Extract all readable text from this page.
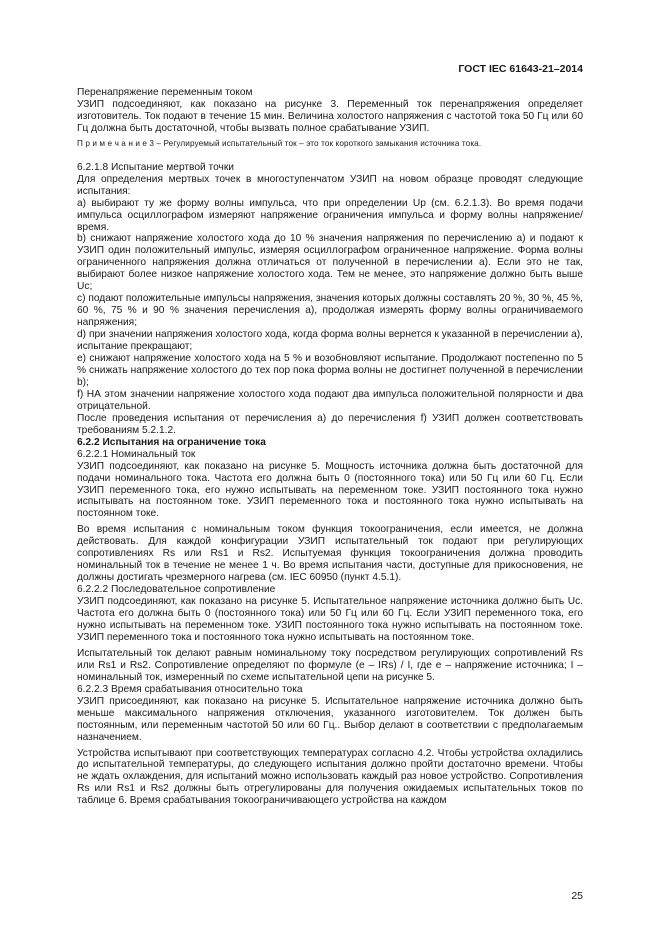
ГОСТ IEC 61643-21–2014

Перенапряжение переменным током

УЗИП подсоединяют, как показано на рисунке 3. Переменный ток перенапряжения определяет изготовитель. Ток подают в течение 15 мин. Величина холостого напряжения с частотой тока 50 Гц или 60 Гц должна быть достаточной, чтобы вызвать полное срабатывание УЗИП.

П р и м е ч а н и е 3 – Регулируемый испытательный ток – это ток короткого замыкания источника тока.

6.2.1.8 Испытание мертвой точки

Для определения мертвых точек в многоступенчатом УЗИП на новом образце проводят следующие испытания:

a) выбирают ту же форму волны импульса, что при определении Uр (см. 6.2.1.3). Во время подачи импульса осциллографом измеряют напряжение ограничения импульса и форму волны напряжение/время.

b) снижают напряжение холостого хода до 10 % значения напряжения по перечислению a) и подают к УЗИП один положительный импульс, измеряя осциллографом ограниченное напряжение. Форма волны ограниченного напряжения должна отличаться от полученной в перечислении a). Если это не так, выбирают более низкое напряжение холостого хода. Тем не менее, это напряжение должно быть выше Uс;

c) подают положительные импульсы напряжения, значения которых должны составлять 20 %, 30 %, 45 %, 60 %, 75 % и 90 % значения перечисления a), продолжая измерять форму волны ограничиваемого напряжения;

d) при значении напряжения холостого хода, когда форма волны вернется к указанной в перечислении a), испытание прекращают;

e) снижают напряжение холостого хода на 5 % и возобновляют испытание. Продолжают постепенно по 5 % снижать напряжение холостого до тех пор пока форма волны не достигнет полученной в перечислении b);

f) НА этом значении напряжение холостого хода подают два импульса положительной полярности и два отрицательной.

После проведения испытания от перечисления a) до перечисления f) УЗИП должен соответствовать требованиям 5.2.1.2.

6.2.2 Испытания на ограничение тока

6.2.2.1 Номинальный ток

УЗИП подсоединяют, как показано на рисунке 5. Мощность источника должна быть достаточной для подачи номинального тока. Частота его должна быть 0 (постоянного тока) или 50 Гц или 60 Гц. Если УЗИП переменного тока, его нужно испытывать на переменном токе. УЗИП постоянного тока нужно испытывать на постоянном токе. УЗИП переменного тока и постоянного тока нужно испытывать на постоянном токе.

Во время испытания с номинальным током функция токоограничения, если имеется, не должна действовать. Для каждой конфигурации УЗИП испытательный ток подают при регулирующих сопротивлениях Rs или Rs1 и Rs2. Испытуемая функция токоограничения должна проводить номинальный ток в течение не менее 1 ч. Во время испытания части, доступные для прикосновения, не должны достигать чрезмерного нагрева (см. IEC 60950 (пункт 4.5.1).

6.2.2.2 Последовательное сопротивление

УЗИП подсоединяют, как показано на рисунке 5. Испытательное напряжение источника должно быть Uс. Частота его должна быть 0 (постоянного тока) или 50 Гц или 60 Гц. Если УЗИП переменного тока, его нужно испытывать на переменном токе. УЗИП постоянного тока нужно испытывать на постоянном токе. УЗИП переменного тока и постоянного тока нужно испытывать на постоянном токе.

Испытательный ток делают равным номинальному току посредством регулирующих сопротивлений Rs или Rs1 и Rs2. Сопротивление определяют по формуле (e – IRs) / I, где e – напряжение источника; I – номинальный ток, измеренный по схеме испытательной цепи на рисунке 5.

6.2.2.3 Время срабатывания относительно тока

УЗИП присоединяют, как показано на рисунке 5. Испытательное напряжение источника должно быть меньше максимального напряжения отключения, указанного изготовителем. Ток должен быть постоянным, или переменным частотой 50 или 60 Гц.. Выбор делают в соответствии с предполагаемым назначением.

Устройства испытывают при соответствующих температурах согласно 4.2. Чтобы устройства охладились до испытательной температуры, до следующего испытания должно пройти достаточно времени. Чтобы не ждать охлаждения, для испытаний можно использовать каждый раз новое устройство. Сопротивления Rs или Rs1 и Rs2 должны быть отрегулированы для получения ожидаемых испытательных токов по таблице 6. Время срабатывания токоограничивающего устройства на каждом

25
